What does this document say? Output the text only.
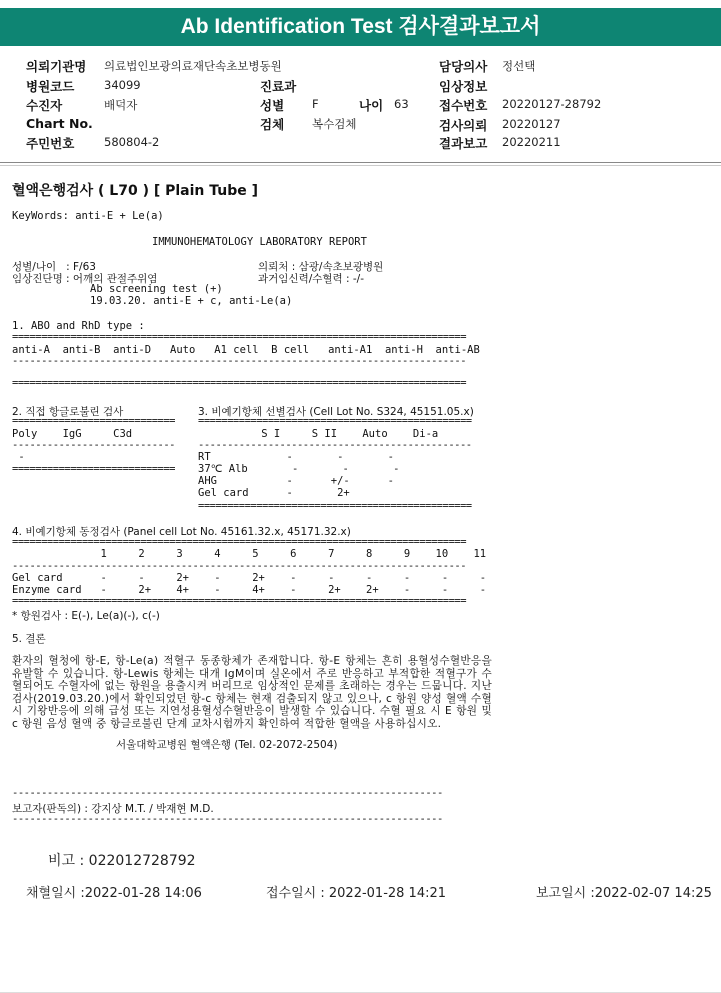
Ab Identification Test 검사결과보고서
의뢰기관명 의료법인보광의료재단속초보병동원
병원코드	34099
수진자	배덕자
Chart No.
주민번호	580804-2
진료과
성별 F	나이 63
검체 복수검체
담당의사 정선택
임상정보
접수번호 20220127-28792
검사의뢰 20220127
결과보고 20220211
혈액은행검사 ( L70 ) [ Plain Tube ]
KeyWords: anti-E + Le(a)
IMMUNOHEMATOLOGY LABORATORY REPORT
성별/나이   : F/63	의뢰처 : 삼광/속초보광병원
임상진단명 : 어깨의 관절주위염	과거임신력/수혈력 : -/-
Ab screening test (+)
19.03.20. anti-E + c, anti-Le(a)
1. ABO and RhD type :
==============================================================================
anti-A  anti-B  anti-D   Auto   A1 cell  B cell   anti-A1  anti-H  anti-AB
------------------------------------------------------------------------------
==============================================================================
2. 직접 항글로불린 검사
============================
Poly    IgG     C3d
----------------------------
-
============================
3. 비예기항체 선별검사 (Cell Lot No. S324, 45151.05.x)
===============================================
S I     S II    Auto    Di-a
-----------------------------------------------
RT            -       -       -
37℃ Alb       -       -       -
AHG           -      +/-      -
Gel card      -       2+
===============================================
4. 비예기항체 동정검사 (Panel cell Lot No. 45161.32.x, 45171.32.x)
==============================================================================
1     2     3     4     5     6     7     8     9    10    11
------------------------------------------------------------------------------
Gel card      -     -     2+    -     2+    -     -     -     -     -     -
Enzyme card   -     2+    4+    -     4+    -     2+    2+    -     -     -
==============================================================================
* 항원검사 : E(-), Le(a)(-), c(-)
5. 결론
환자의 혈청에 항-E, 항-Le(a) 적혈구 동종항체가 존재합니다. 항-E 항체는 흔히 용혈성수혈반응을 유발할 수 있습니다. 항-Lewis 항체는 대개 IgM이며 실온에서 주로 반응하고 부적합한 적혈구가 수혈되어도 수혈자에 없는 항원을 용출시켜 버리므로 임상적인 문제를 초래하는 경우는 드뭅니다. 지난 검사(2019.03.20.)에서 확인되었던 항-c 항체는 현재 검출되지 않고 있으나, c 항원 양성 혈액 수혈 시 기왕반응에 의해 급성 또는 지연성용혈성수혈반응이 발생할 수 있습니다. 수혈 필요 시 E 항원 및 c 항원 음성 혈액 중 항글로불린 단계 교차시험까지 확인하여 적합한 혈액을 사용하십시오.
서울대학교병원 혈액은행 (Tel. 02-2072-2504)
--------------------------------------------------------------------------
보고자(판독의) : 강지상 M.T. / 박재현 M.D.
--------------------------------------------------------------------------
비고 : 022012728792
채혈일시 :2022-01-28 14:06	접수일시 : 2022-01-28 14:21	보고일시 :2022-02-07 14:25
